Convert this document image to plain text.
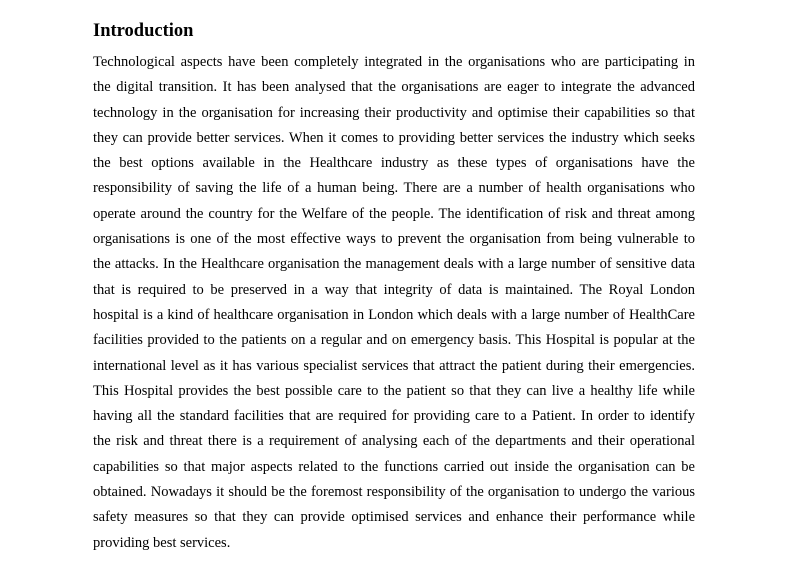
Introduction
Technological aspects have been completely integrated in the organisations who are participating in
the digital transition. It has been analysed that the organisations are eager to integrate the advanced
technology in the organisation for increasing their productivity and optimise their capabilities so that
they can provide better services. When it comes to providing better services the industry which seeks
the best options available in the Healthcare industry as these types of organisations have the
responsibility of saving the life of a human being. There are a number of health organisations who
operate around the country for the Welfare of the people. The identification of risk and threat among
organisations is one of the most effective ways to prevent the organisation from being vulnerable to
the attacks. In the Healthcare organisation the management deals with a large number of sensitive data
that is required to be preserved in a way that integrity of data is maintained. The Royal London
hospital is a kind of healthcare organisation in London which deals with a large number of HealthCare
facilities provided to the patients on a regular and on emergency basis. This Hospital is popular at the
international level as it has various specialist services that attract the patient during their emergencies.
This Hospital provides the best possible care to the patient so that they can live a healthy life while
having all the standard facilities that are required for providing care to a Patient. In order to identify
the risk and threat there is a requirement of analysing each of the departments and their operational
capabilities so that major aspects related to the functions carried out inside the organisation can be
obtained. Nowadays it should be the foremost responsibility of the organisation to undergo the various
safety measures so that they can provide optimised services and enhance their performance while
providing best services.
